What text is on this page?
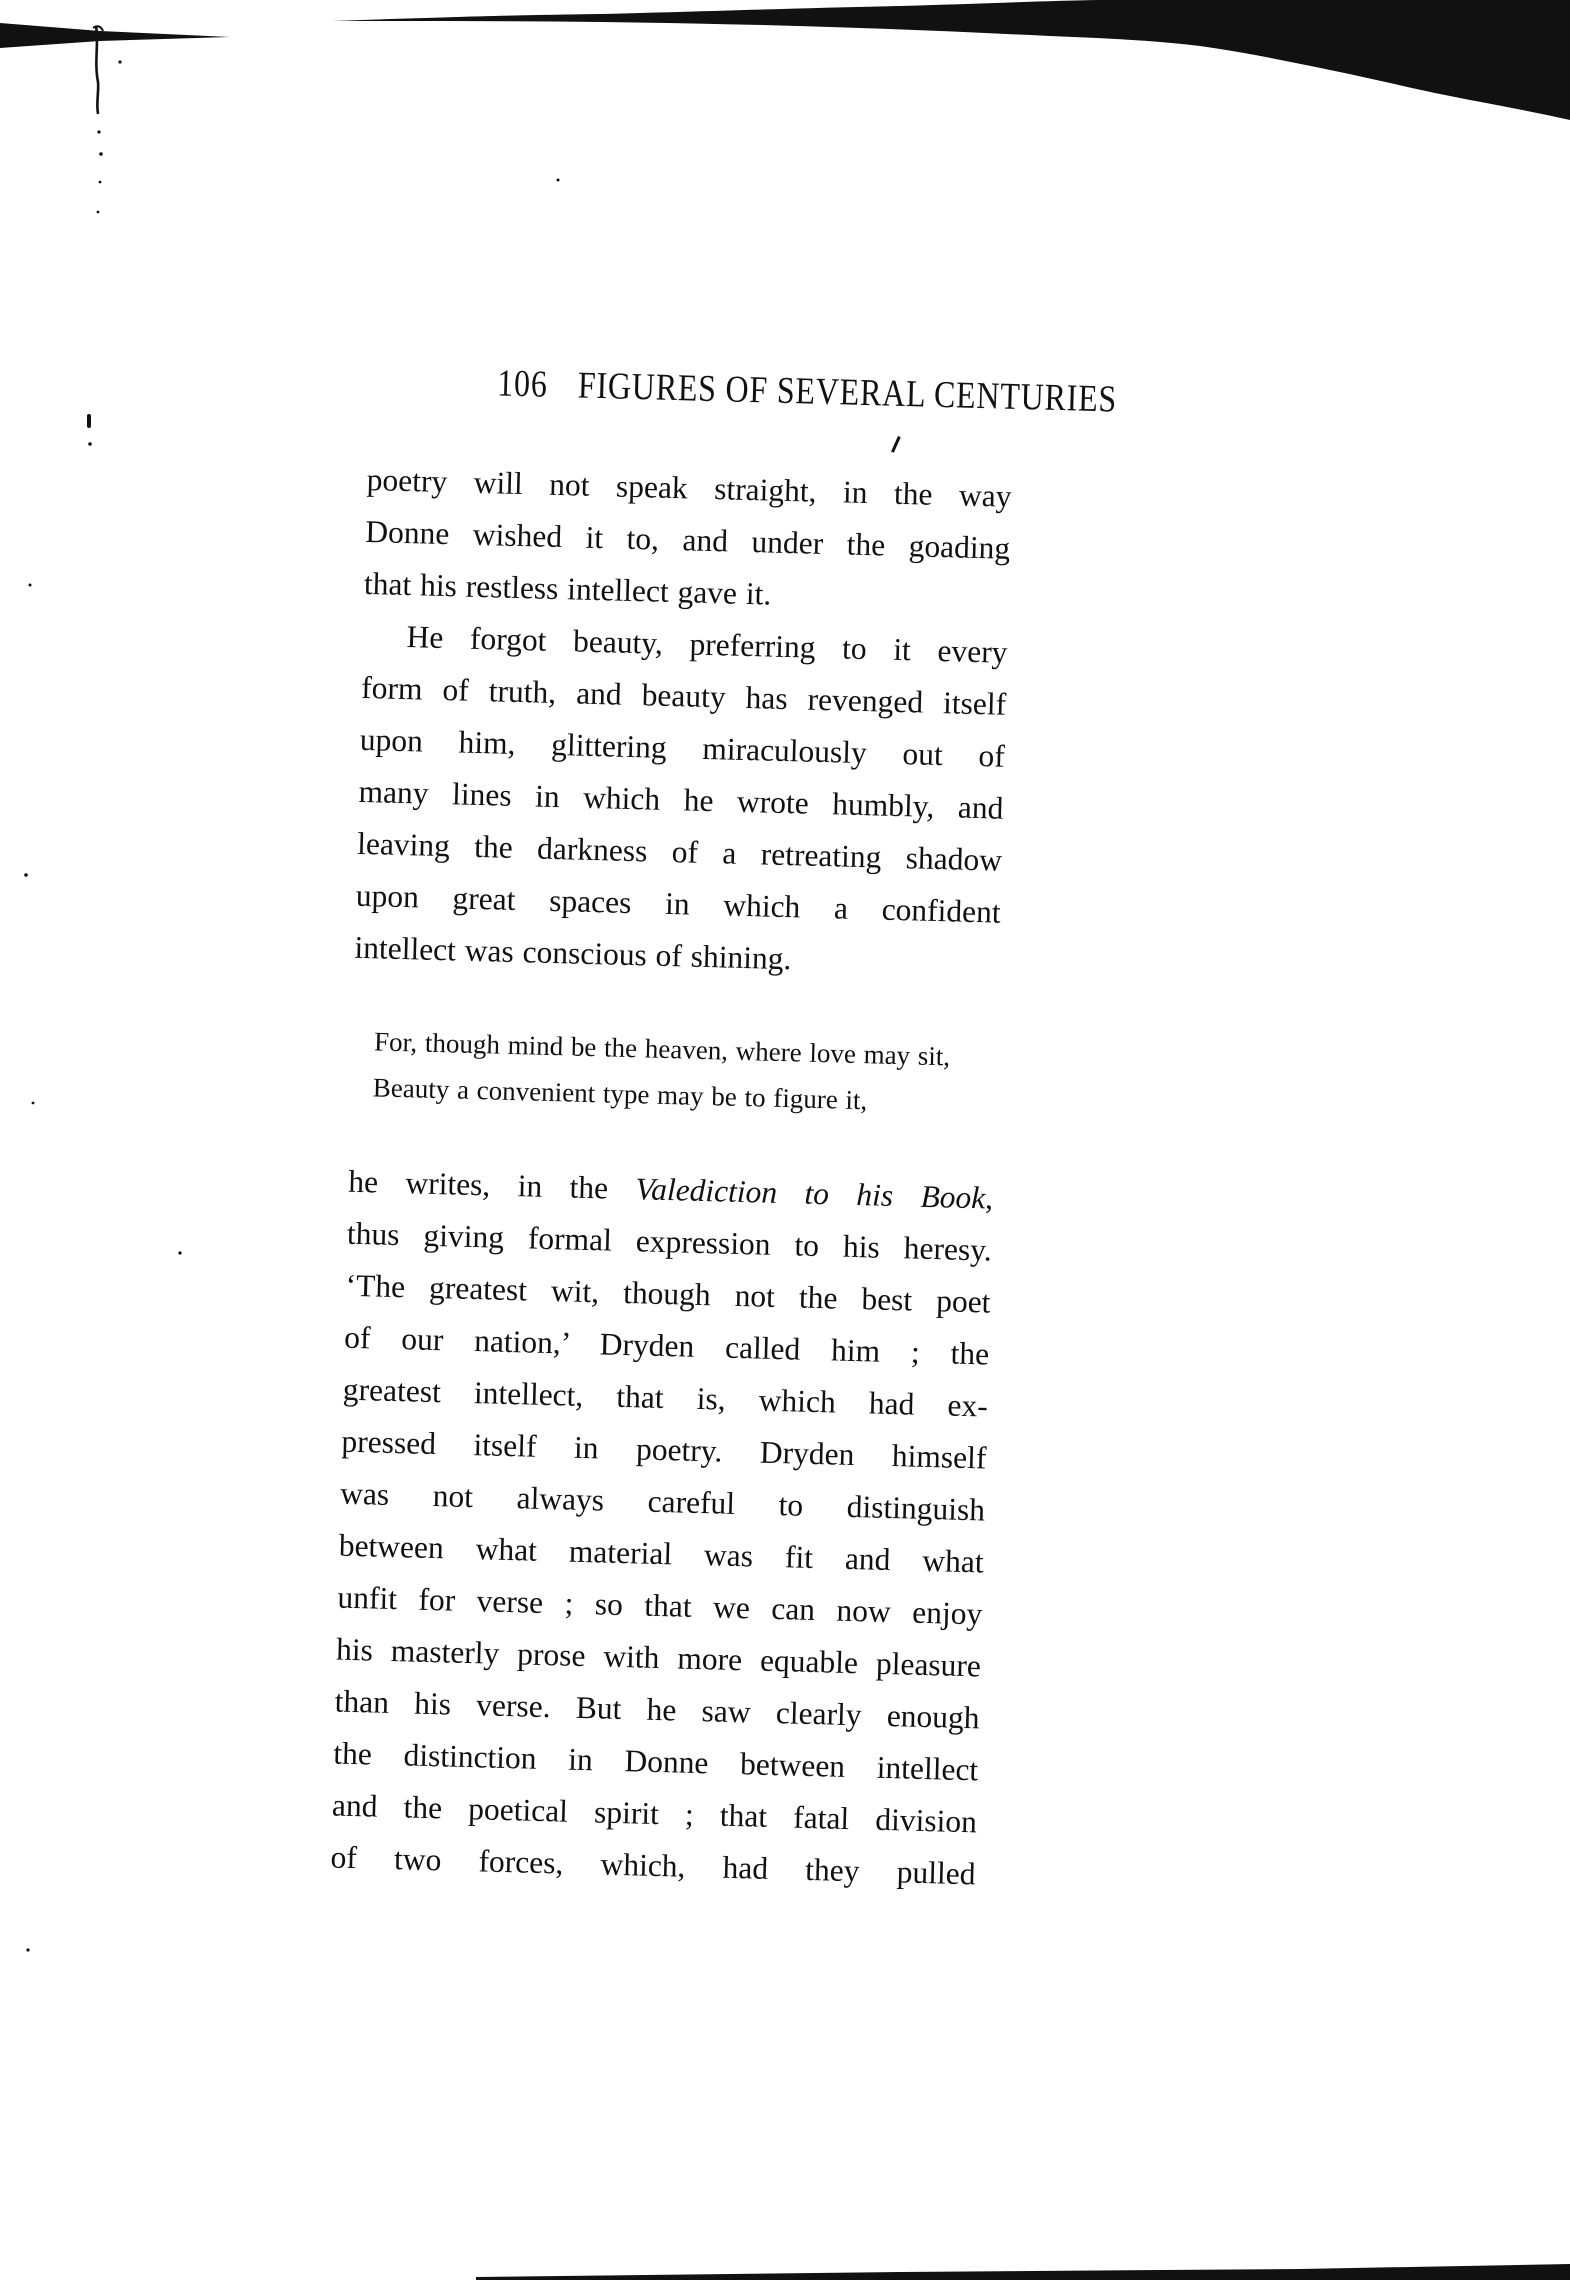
106 FIGURES OF SEVERAL CENTURIES
poetry will not speak straight, in the way
Donne wished it to, and under the goading
that his restless intellect gave it.
He forgot beauty, preferring to it every
form of truth, and beauty has revenged itself
upon him, glittering miraculously out of
many lines in which he wrote humbly, and
leaving the darkness of a retreating shadow
upon great spaces in which a confident
intellect was conscious of shining.
For, though mind be the heaven, where love may sit,
Beauty a convenient type may be to figure it,
he writes, in the Valediction to his Book,
thus giving formal expression to his heresy.
‘The greatest wit, though not the best poet
of our nation,’ Dryden called him ; the
greatest intellect, that is, which had ex-
pressed itself in poetry. Dryden himself
was not always careful to distinguish
between what material was fit and what
unfit for verse ; so that we can now enjoy
his masterly prose with more equable pleasure
than his verse. But he saw clearly enough
the distinction in Donne between intellect
and the poetical spirit ; that fatal division
of two forces, which, had they pulled
